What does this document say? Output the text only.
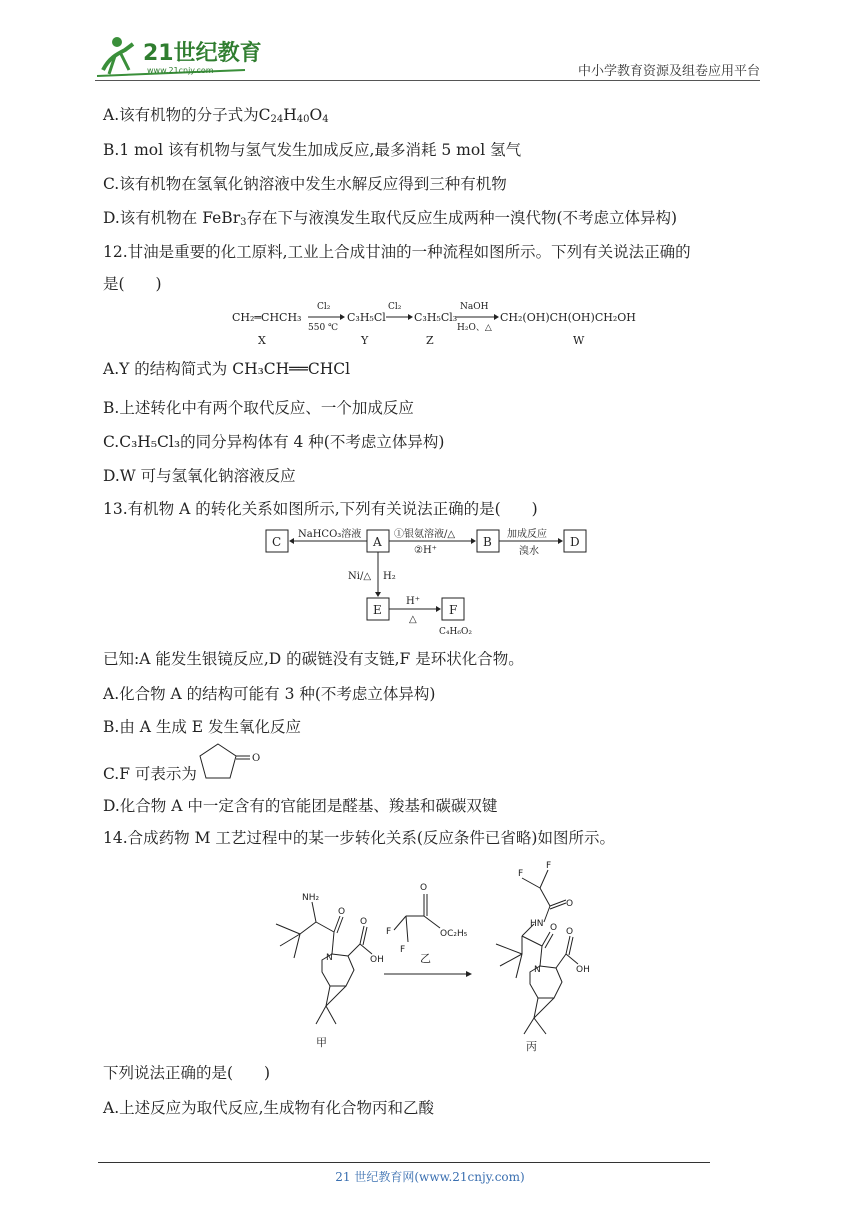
21世纪教育
www.21cnjy.com	中小学教育资源及组卷应用平台
A.该有机物的分子式为$C_{24}H_{40}O_4$
B.1 mol 该有机物与氢气发生加成反应,最多消耗 5 mol 氢气
C.该有机物在氢氧化钠溶液中发生水解反应得到三种有机物
D.该有机物在 FeBr$_3$存在下与液溴发生取代反应生成两种一溴代物(不考虑立体异构)
12.甘油是重要的化工原料,工业上合成甘油的一种流程如图所示。下列有关说法正确的
是(　　)
CH₂═CHCH₃
X
Cl₂
550 ℃
C₃H₅Cl
Y
Cl₂
C₃H₅Cl₃
Z
NaOH
H₂O、△
CH₂(OH)CH(OH)CH₂OH
W
A.Y 的结构简式为 CH₃CH══CHCl
B.上述转化中有两个取代反应、一个加成反应
C.C₃H₅Cl₃的同分异构体有 4 种(不考虑立体异构)
D.W 可与氢氧化钠溶液反应
13.有机物 A 的转化关系如图所示,下列有关说法正确的是(　　)
C	A	B	D
E	F
NaHCO₃溶液	①银氨溶液/△
②H⁺
加成反应
溴水
Ni/△ H₂
H⁺
△
C₄H₆O₂
已知:A 能发生银镜反应,D 的碳链没有支链,F 是环状化合物。
A.化合物 A 的结构可能有 3 种(不考虑立体异构)
B.由 A 生成 E 发生氧化反应
C.F 可表示为
O
D.化合物 A 中一定含有的官能团是醛基、羧基和碳碳双键
14.合成药物 M 工艺过程中的某一步转化关系(反应条件已省略)如图所示。
NH₂
N
O
O
OH
F
F
O
OC₂H₅
F
F
O
HN
N
O O
OH
乙
甲	丙
下列说法正确的是(　　)
A.上述反应为取代反应,生成物有化合物丙和乙酸
21 世纪教育网(www.21cnjy.com)
